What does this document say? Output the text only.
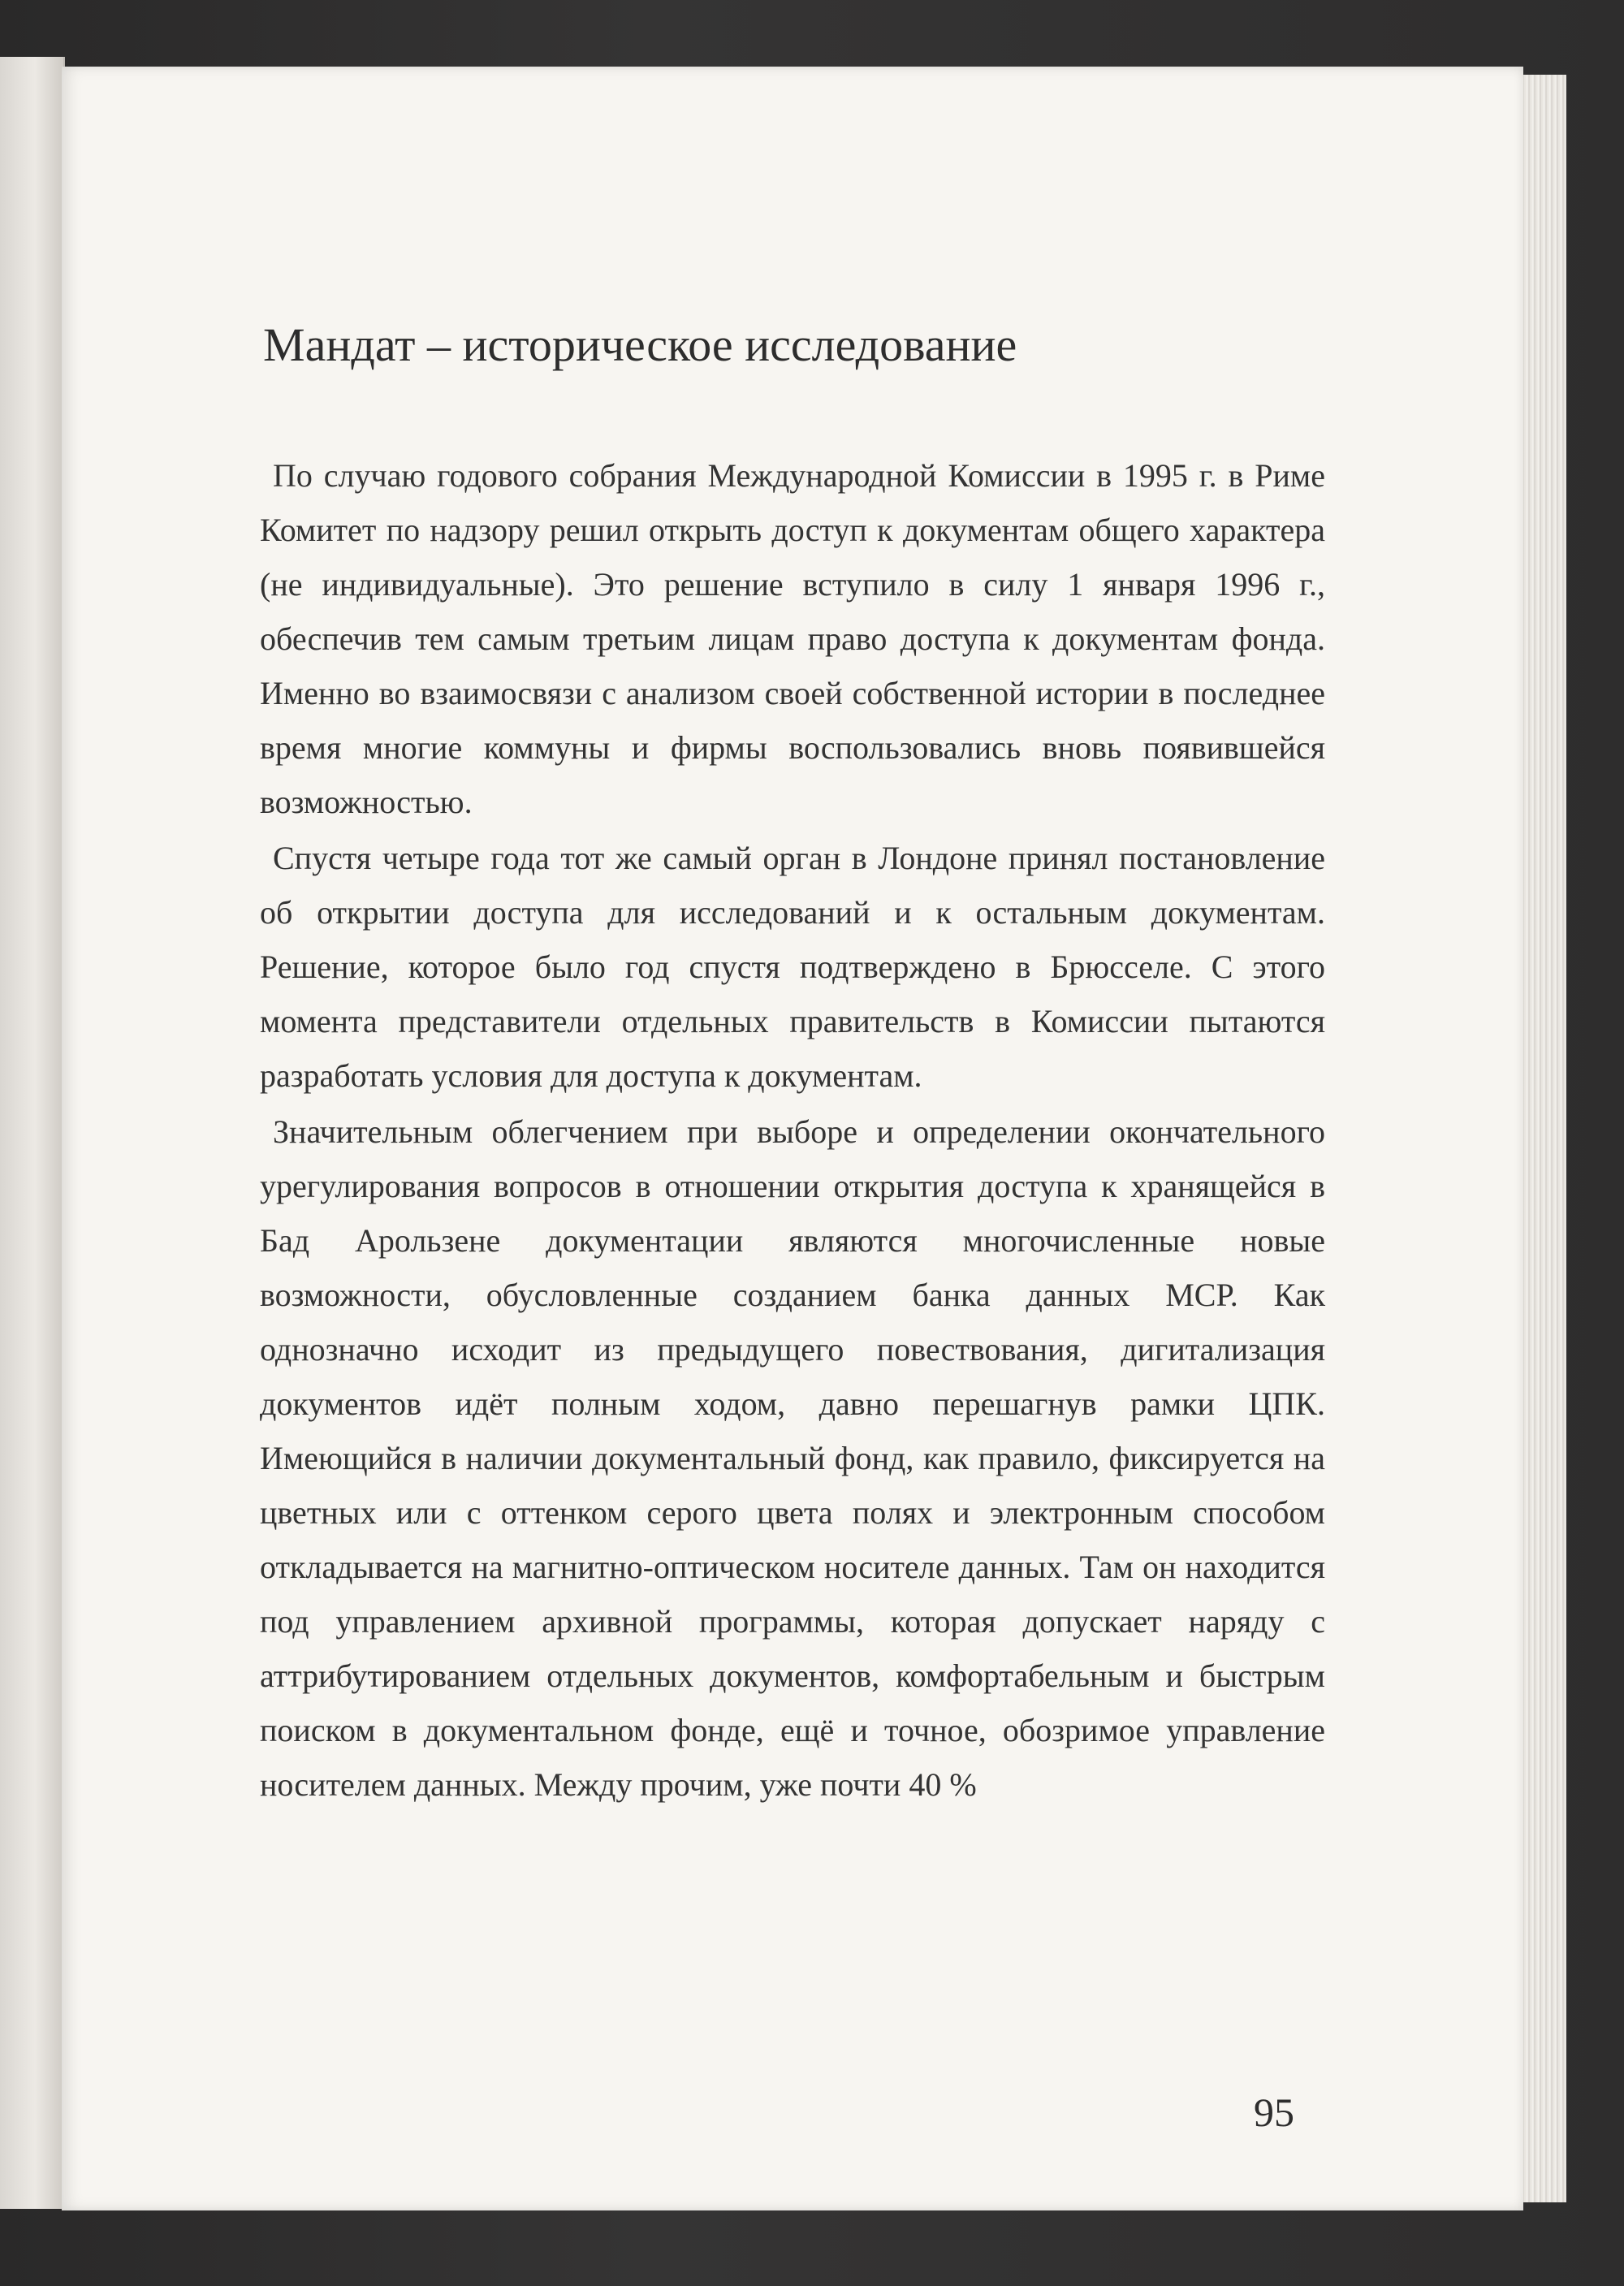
Мандат – историческое исследование

По случаю годового собрания Международной Комиссии в 1995 г. в Риме Комитет по надзору решил открыть доступ к документам общего характера (не индивидуальные). Это решение вступило в силу 1 января 1996 г., обеспечив тем самым третьим лицам право доступа к документам фонда. Именно во взаимосвязи с анализом своей собственной истории в последнее время многие коммуны и фирмы воспользовались вновь появившейся возможностью.

Спустя четыре года тот же самый орган в Лондоне принял постановление об открытии доступа для исследований и к остальным документам. Решение, которое было год спустя подтверждено в Брюсселе. С этого момента представители отдельных правительств в Комиссии пытаются разработать условия для доступа к документам.

Значительным облегчением при выборе и определении окончательного урегулирования вопросов в отношении открытия доступа к хранящейся в Бад Арользене документации являются многочисленные новые возможности, обусловленные созданием банка данных МСР. Как однозначно исходит из предыдущего повествования, дигитализация документов идёт полным ходом, давно перешагнув рамки ЦПК. Имеющийся в наличии документальный фонд, как правило, фиксируется на цветных или с оттенком серого цвета полях и электронным способом откладывается на магнитно-оптическом носителе данных. Там он находится под управлением архивной программы, которая допускает наряду с аттрибутированием отдельных документов, комфортабельным и быстрым поиском в документальном фонде, ещё и точное, обозримое управление носителем данных. Между прочим, уже почти 40 %

95
